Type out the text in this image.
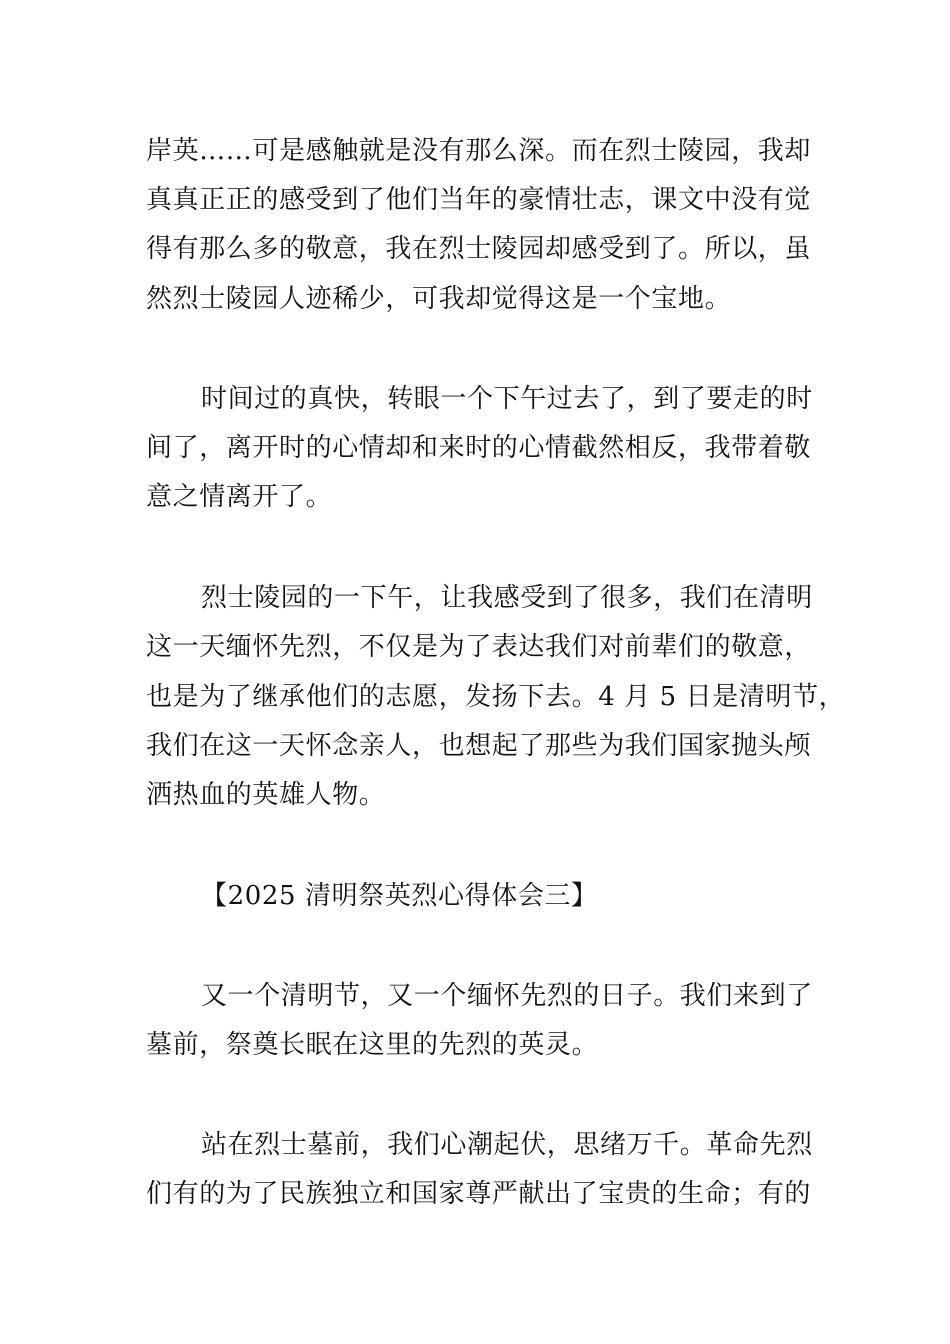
岸英……可是感触就是没有那么深。而在烈士陵园，我却
真真正正的感受到了他们当年的豪情壮志，课文中没有觉
得有那么多的敬意，我在烈士陵园却感受到了。所以，虽
然烈士陵园人迹稀少，可我却觉得这是一个宝地。
时间过的真快，转眼一个下午过去了，到了要走的时
间了，离开时的心情却和来时的心情截然相反，我带着敬
意之情离开了。
烈士陵园的一下午，让我感受到了很多，我们在清明
这一天缅怀先烈，不仅是为了表达我们对前辈们的敬意，
也是为了继承他们的志愿，发扬下去。4 月 5 日是清明节，
我们在这一天怀念亲人，也想起了那些为我们国家抛头颅
洒热血的英雄人物。
【2025 清明祭英烈心得体会三】
又一个清明节，又一个缅怀先烈的日子。我们来到了
墓前，祭奠长眠在这里的先烈的英灵。
站在烈士墓前，我们心潮起伏，思绪万千。革命先烈
们有的为了民族独立和国家尊严献出了宝贵的生命；有的
